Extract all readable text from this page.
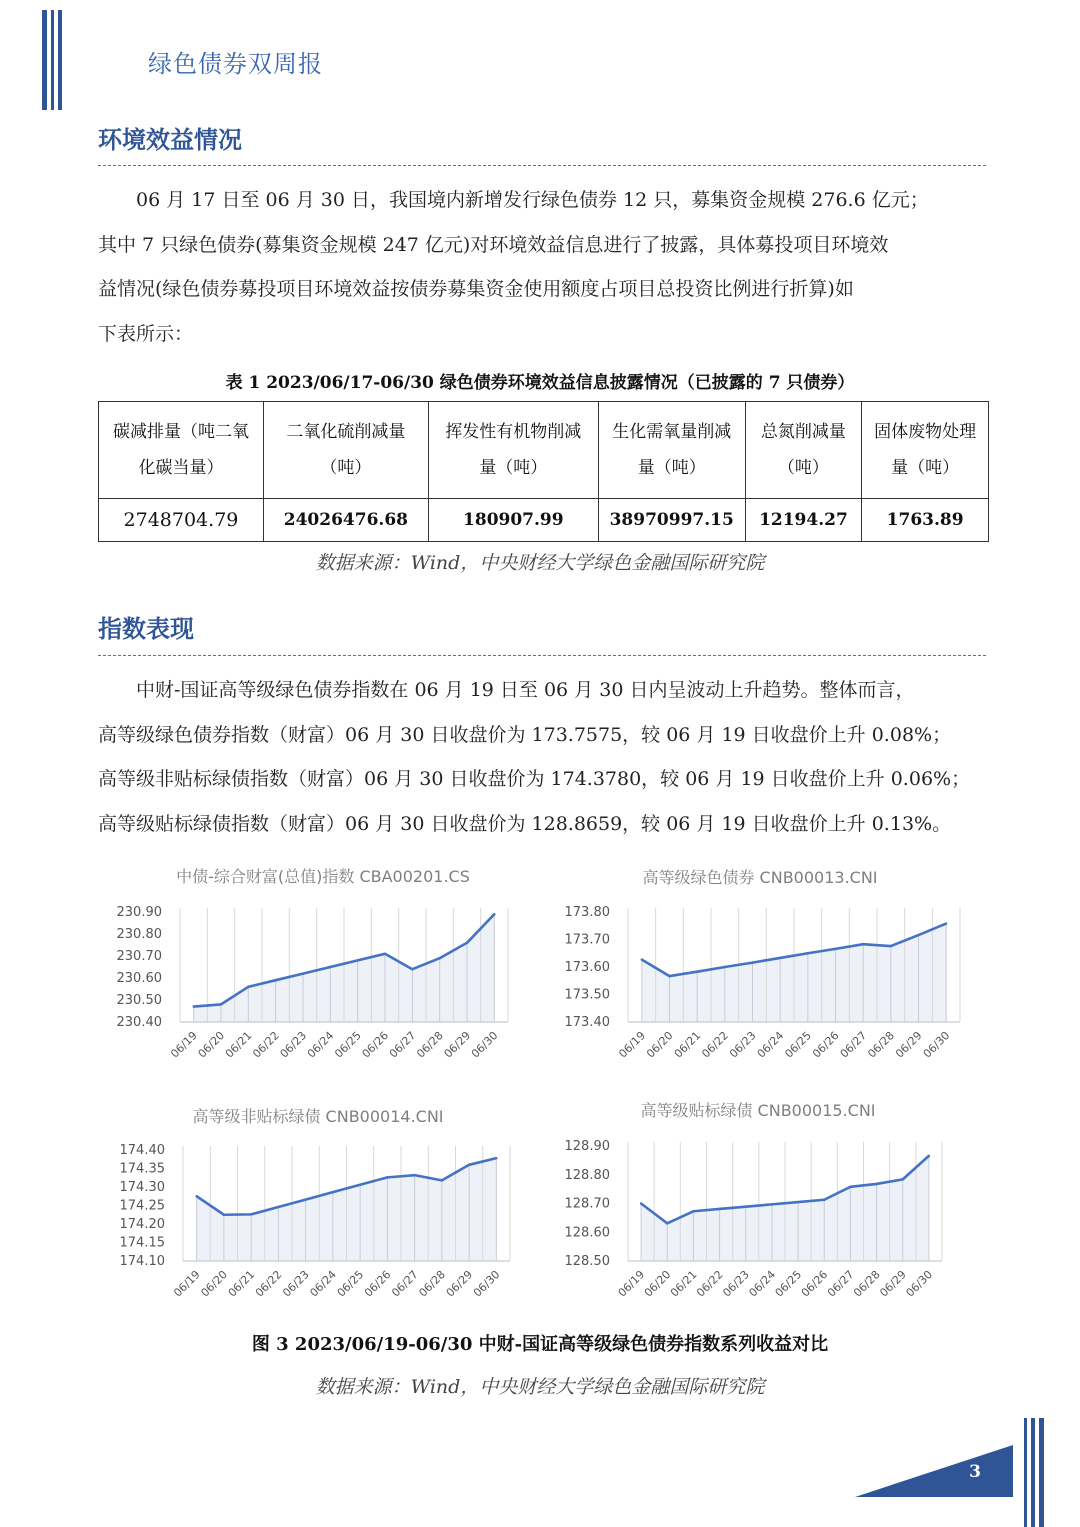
绿色债券双周报
环境效益情况

　　06 月 17 日至 06 月 30 日，我国境内新增发行绿色债券 12 只，募集资金规模 276.6 亿元；

其中 7 只绿色债券(募集资金规模 247 亿元)对环境效益信息进行了披露，具体募投项目环境效

益情况(绿色债券募投项目环境效益按债券募集资金使用额度占项目总投资比例进行折算)如

下表所示：

表 1 2023/06/17-06/30 绿色债券环境效益信息披露情况（已披露的 7 只债券）
碳减排量（吨二氧化碳当量）	二氧化硫削减量（吨）	挥发性有机物削减量（吨）	生化需氧量削减量（吨）	总氮削减量（吨）	固体废物处理量（吨）
2748704.79	24026476.68	180907.99	38970997.15	12194.27	1763.89
数据来源：Wind，中央财经大学绿色金融国际研究院
指数表现

　　中财-国证高等级绿色债券指数在 06 月 19 日至 06 月 30 日内呈波动上升趋势。整体而言，

高等级绿色债券指数（财富）06 月 30 日收盘价为 173.7575，较 06 月 19 日收盘价上升 0.08%；

高等级非贴标绿债指数（财富）06 月 30 日收盘价为 174.3780，较 06 月 19 日收盘价上升 0.06%；

高等级贴标绿债指数（财富）06 月 30 日收盘价为 128.8659，较 06 月 19 日收盘价上升 0.13%。

中债-综合财富(总值)指数 CBA00201.CS
230.90
230.80
230.70
230.60
230.50
230.40
06/19
06/20
06/21
06/22
06/23
06/24
06/25
06/26
06/27
06/28
06/29
06/30
高等级绿色债券 CNB00013.CNI
173.80
173.70
173.60
173.50
173.40
06/19
06/20
06/21
06/22
06/23
06/24
06/25
06/26
06/27
06/28
06/29
06/30
高等级非贴标绿债 CNB00014.CNI
174.40
174.35
174.30
174.25
174.20
174.15
174.10
06/19
06/20
06/21
06/22
06/23
06/24
06/25
06/26
06/27
06/28
06/29
06/30
高等级贴标绿债 CNB00015.CNI
128.90
128.80
128.70
128.60
128.50
06/19
06/20
06/21
06/22
06/23
06/24
06/25
06/26
06/27
06/28
06/29
06/30
图 3 2023/06/19-06/30 中财-国证高等级绿色债券指数系列收益对比
数据来源：Wind，中央财经大学绿色金融国际研究院
3
